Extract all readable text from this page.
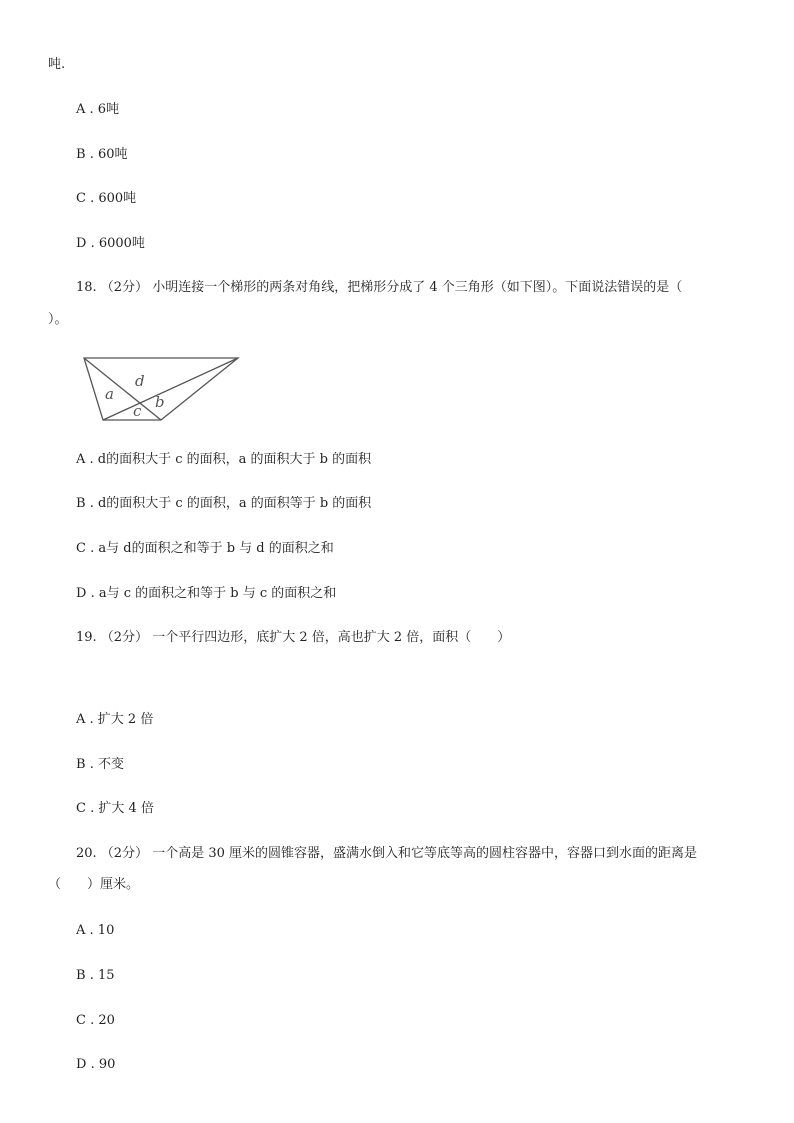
吨.
A . 6吨
B . 60吨
C . 600吨
D . 6000吨
18. （2分） 小明连接一个梯形的两条对角线，把梯形分成了 4 个三角形（如下图）。下面说法错误的是（
）。
d
a	b
c
A . d的面积大于 c 的面积，a 的面积大于 b 的面积
B . d的面积大于 c 的面积，a 的面积等于 b 的面积
C . a与 d的面积之和等于 b 与 d 的面积之和
D . a与 c 的面积之和等于 b 与 c 的面积之和
19. （2分） 一个平行四边形，底扩大 2 倍，高也扩大 2 倍，面积（　　）
A . 扩大 2 倍
B . 不变
C . 扩大 4 倍
20. （2分） 一个高是 30 厘米的圆锥容器，盛满水倒入和它等底等高的圆柱容器中，容器口到水面的距离是
（　　）厘米。
A . 10
B . 15
C . 20
D . 90
